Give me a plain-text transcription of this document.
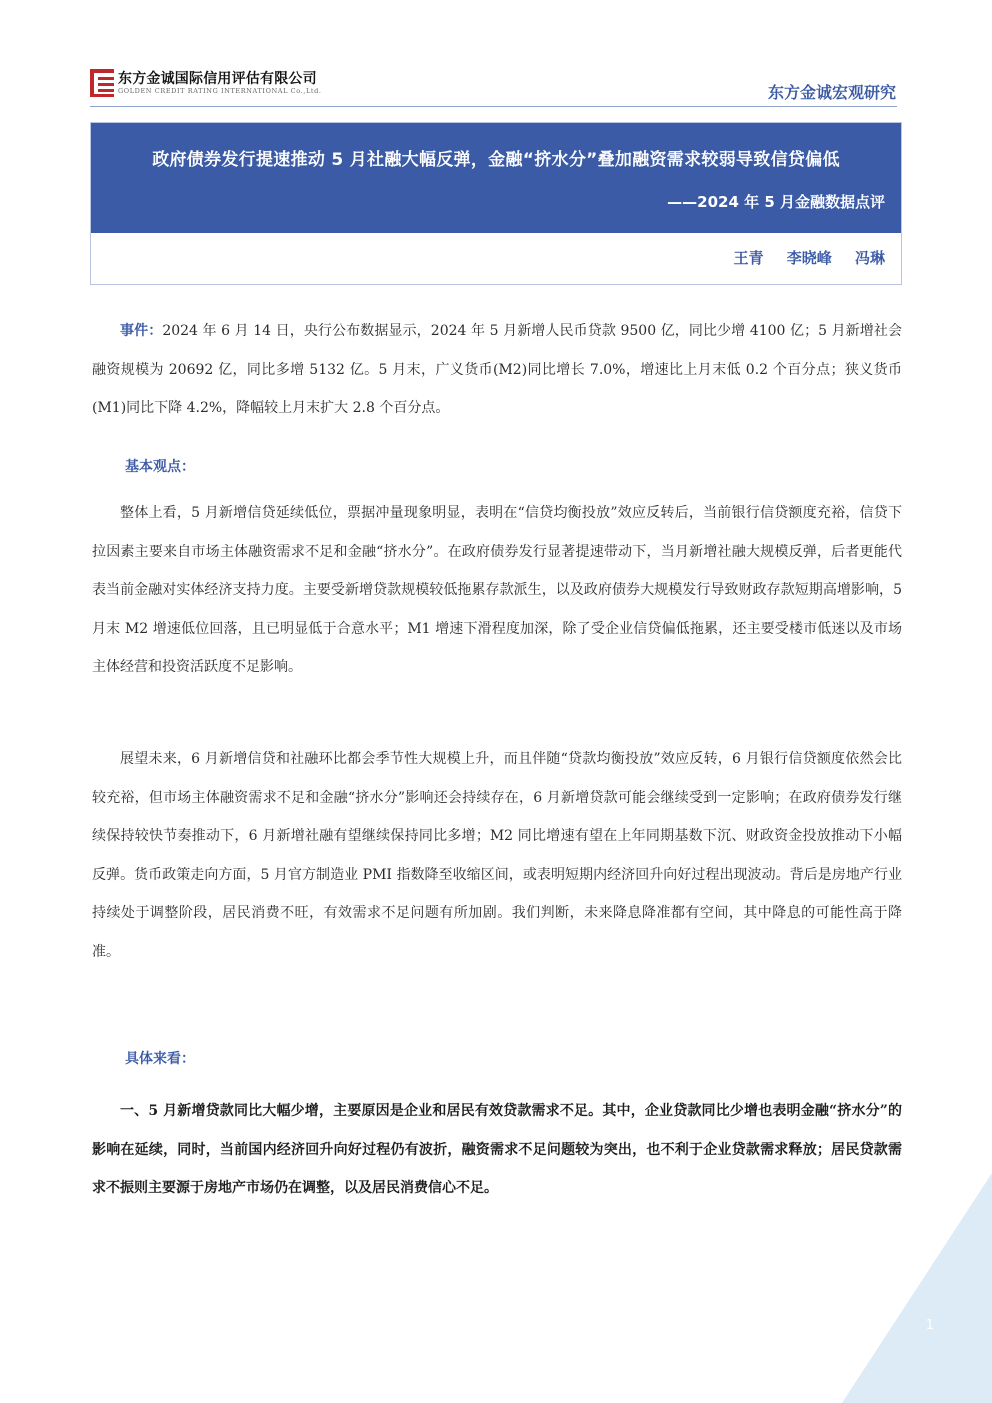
东方金诚国际信用评估有限公司
GOLDEN CREDIT RATING INTERNATIONAL Co.,Ltd.	东方金诚宏观研究
政府债券发行提速推动 5 月社融大幅反弹，金融“挤水分”叠加融资需求较弱导致信贷偏低
——2024 年 5 月金融数据点评
王青 李晓峰 冯琳
事件：2024 年 6 月 14 日，央行公布数据显示，2024 年 5 月新增人民币贷款 9500 亿，同比少增 4100 亿；5 月新增社会融资规模为 20692 亿，同比多增 5132 亿。5 月末，广义货币(M2)同比增长 7.0%，增速比上月末低 0.2 个百分点；狭义货币(M1)同比下降 4.2%，降幅较上月末扩大 2.8 个百分点。
基本观点：
整体上看，5 月新增信贷延续低位，票据冲量现象明显，表明在“信贷均衡投放”效应反转后，当前银行信贷额度充裕，信贷下拉因素主要来自市场主体融资需求不足和金融“挤水分”。在政府债券发行显著提速带动下，当月新增社融大规模反弹，后者更能代表当前金融对实体经济支持力度。主要受新增贷款规模较低拖累存款派生，以及政府债券大规模发行导致财政存款短期高增影响，5 月末 M2 增速低位回落，且已明显低于合意水平；M1 增速下滑程度加深，除了受企业信贷偏低拖累，还主要受楼市低迷以及市场主体经营和投资活跃度不足影响。
展望未来，6 月新增信贷和社融环比都会季节性大规模上升，而且伴随“贷款均衡投放”效应反转，6 月银行信贷额度依然会比较充裕，但市场主体融资需求不足和金融“挤水分”影响还会持续存在，6 月新增贷款可能会继续受到一定影响；在政府债券发行继续保持较快节奏推动下，6 月新增社融有望继续保持同比多增；M2 同比增速有望在上年同期基数下沉、财政资金投放推动下小幅反弹。货币政策走向方面，5 月官方制造业 PMI 指数降至收缩区间，或表明短期内经济回升向好过程出现波动。背后是房地产行业持续处于调整阶段，居民消费不旺，有效需求不足问题有所加剧。我们判断，未来降息降准都有空间，其中降息的可能性高于降准。
具体来看：
一、5 月新增贷款同比大幅少增，主要原因是企业和居民有效贷款需求不足。其中，企业贷款同比少增也表明金融“挤水分”的影响在延续，同时，当前国内经济回升向好过程仍有波折，融资需求不足问题较为突出，也不利于企业贷款需求释放；居民贷款需求不振则主要源于房地产市场仍在调整，以及居民消费信心不足。
1
